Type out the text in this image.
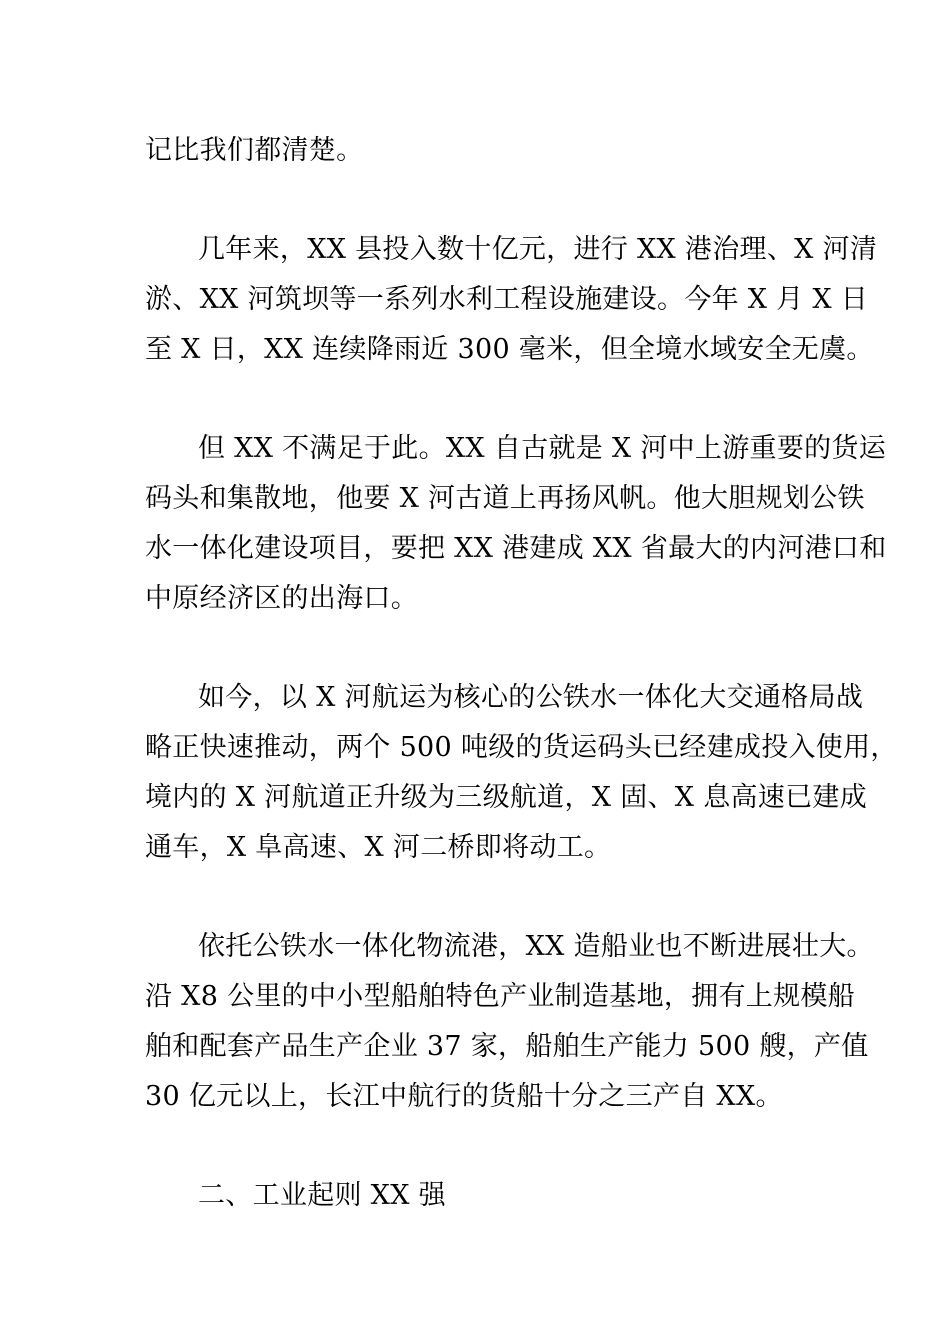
记比我们都清楚。
几年来，XX 县投入数十亿元，进行 XX 港治理、X 河清
淤、XX 河筑坝等一系列水利工程设施建设。今年 X 月 X 日
至 X 日，XX 连续降雨近 300 毫米，但全境水域安全无虞。
但 XX 不满足于此。XX 自古就是 X 河中上游重要的货运
码头和集散地，他要 X 河古道上再扬风帆。他大胆规划公铁
水一体化建设项目，要把 XX 港建成 XX 省最大的内河港口和
中原经济区的出海口。
如今，以 X 河航运为核心的公铁水一体化大交通格局战
略正快速推动，两个 500 吨级的货运码头已经建成投入使用，
境内的 X 河航道正升级为三级航道，X 固、X 息高速已建成
通车，X 阜高速、X 河二桥即将动工。
依托公铁水一体化物流港，XX 造船业也不断进展壮大。
沿 X8 公里的中小型船舶特色产业制造基地，拥有上规模船
舶和配套产品生产企业 37 家，船舶生产能力 500 艘，产值
30 亿元以上，长江中航行的货船十分之三产自 XX。
二、工业起则 XX 强
